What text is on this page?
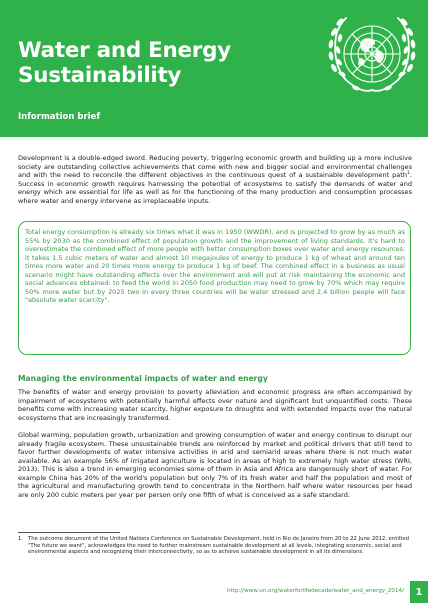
Water and Energy Sustainability
Information brief

Development is a double-edged sword. Reducing poverty, triggering economic growth and building up a more inclusive society are outstanding collective achievements that come with new and bigger social and environmental challenges and with the need to reconcile the different objectives in the continuous quest of a sustainable development path$^1$. Success in economic growth requires harnessing the potential of ecosystems to satisfy the demands of water and energy which are essential for life as well as for the functioning of the many production and consumption processes where water and energy intervene as irreplaceable inputs.

Total energy consumption is already six times what it was in 1950 (WWDR), and is projected to grow by as much as 55% by 2030 as the combined effect of population growth and the improvement of living standards. It's hard to overestimate the combined effect of more people with better consumption boxes over water and energy resources: it takes 1.5 cubic meters of water and almost 10 megajoules of energy to produce 1 kg of wheat and around ten times more water and 20 times more energy to produce 1 kg of beef. The combined effect in a business as usual scenario might have outstanding effects over the environment and will put at risk maintaining the economic and social advances obtained: to feed the world in 2050 food production may need to grow by 70% which may require 50% more water but by 2025 two in every three countries will be water stressed and 2.4 billion people will face "absolute water scarcity".

Managing the environmental impacts of water and energy

The benefits of water and energy provision to poverty alleviation and economic progress are often accompanied by impairment of ecosystems with potentially harmful effects over nature and significant but unquantified costs. These benefits come with increasing water scarcity, higher exposure to droughts and with extended impacts over the natural ecosystems that are increasingly transformed.

Global warming, population growth, urbanization and growing consumption of water and energy continue to disrupt our already fragile ecosystem. These unsustainable trends are reinforced by market and political drivers that still tend to favor further developments of water intensive activities in arid and semiarid areas where there is not much water available. As an example 56% of irrigated agriculture is located in areas of high to extremely high water stress (WRI, 2013). This is also a trend in emerging economies some of them in Asia and Africa are dangerously short of water. For example China has 20% of the world's population but only 7% of its fresh water and half the population and most of the agricultural and manufacturing growth tend to concentrate in the Northern half where water resources per head are only 200 cubic meters per year per person only one fifth of what is conceived as a safe standard.

1. The outcome document of the United Nations Conference on Sustainable Development, held in Rio de Janeiro from 20 to 22 June 2012, entitled "The future we want", acknowledges the need to further mainstream sustainable development at all levels, integrating economic, social and environmental aspects and recognizing their interconnectivity, so as to achieve sustainable development in all its dimensions.
http://www.un.org/waterforlifedecade/water_and_energy_2014/	1
